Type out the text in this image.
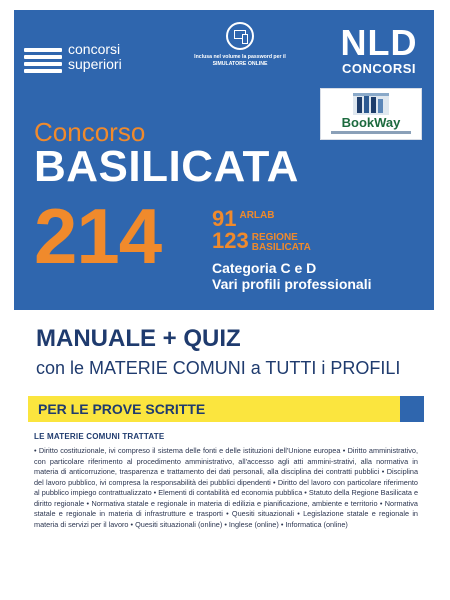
concorsi
superiori	Inclusa nel volume la password per il SIMULATORE ONLINE
NLD
CONCORSI
BookWay
Concorso
BASILICATA
214 91 ARLAB
123 REGIONE BASILICATA
Categoria C e D
Vari profili professionali
MANUALE + QUIZ
con le MATERIE COMUNI a TUTTI i PROFILI
PER LE PROVE SCRITTE
LE MATERIE COMUNI TRATTATE
• Diritto costituzionale, ivi compreso il sistema delle fonti e delle istituzioni dell'Unione europea • Diritto amministrativo, con particolare riferimento al procedimento amministrativo, all'accesso agli atti ammini-strativi, alla normativa in materia di anticorruzione, trasparenza e trattamento dei dati personali, alla disciplina dei contratti pubblici • Disciplina del lavoro pubblico, ivi compresa la responsabilità dei pubblici dipendenti • Diritto del lavoro con particolare riferimento al pubblico impiego contrattualizzato • Elementi di contabilità ed economia pubblica • Statuto della Regione Basilicata e diritto regionale • Normativa statale e regionale in materia di edilizia e pianificazione, ambiente e territorio • Normativa statale e regionale in materia di infrastrutture e trasporti • Quesiti situazionali • Legislazione statale e regionale in materia di servizi per il lavoro • Quesiti situazionali (online) • Inglese (online) • Informatica (online)
